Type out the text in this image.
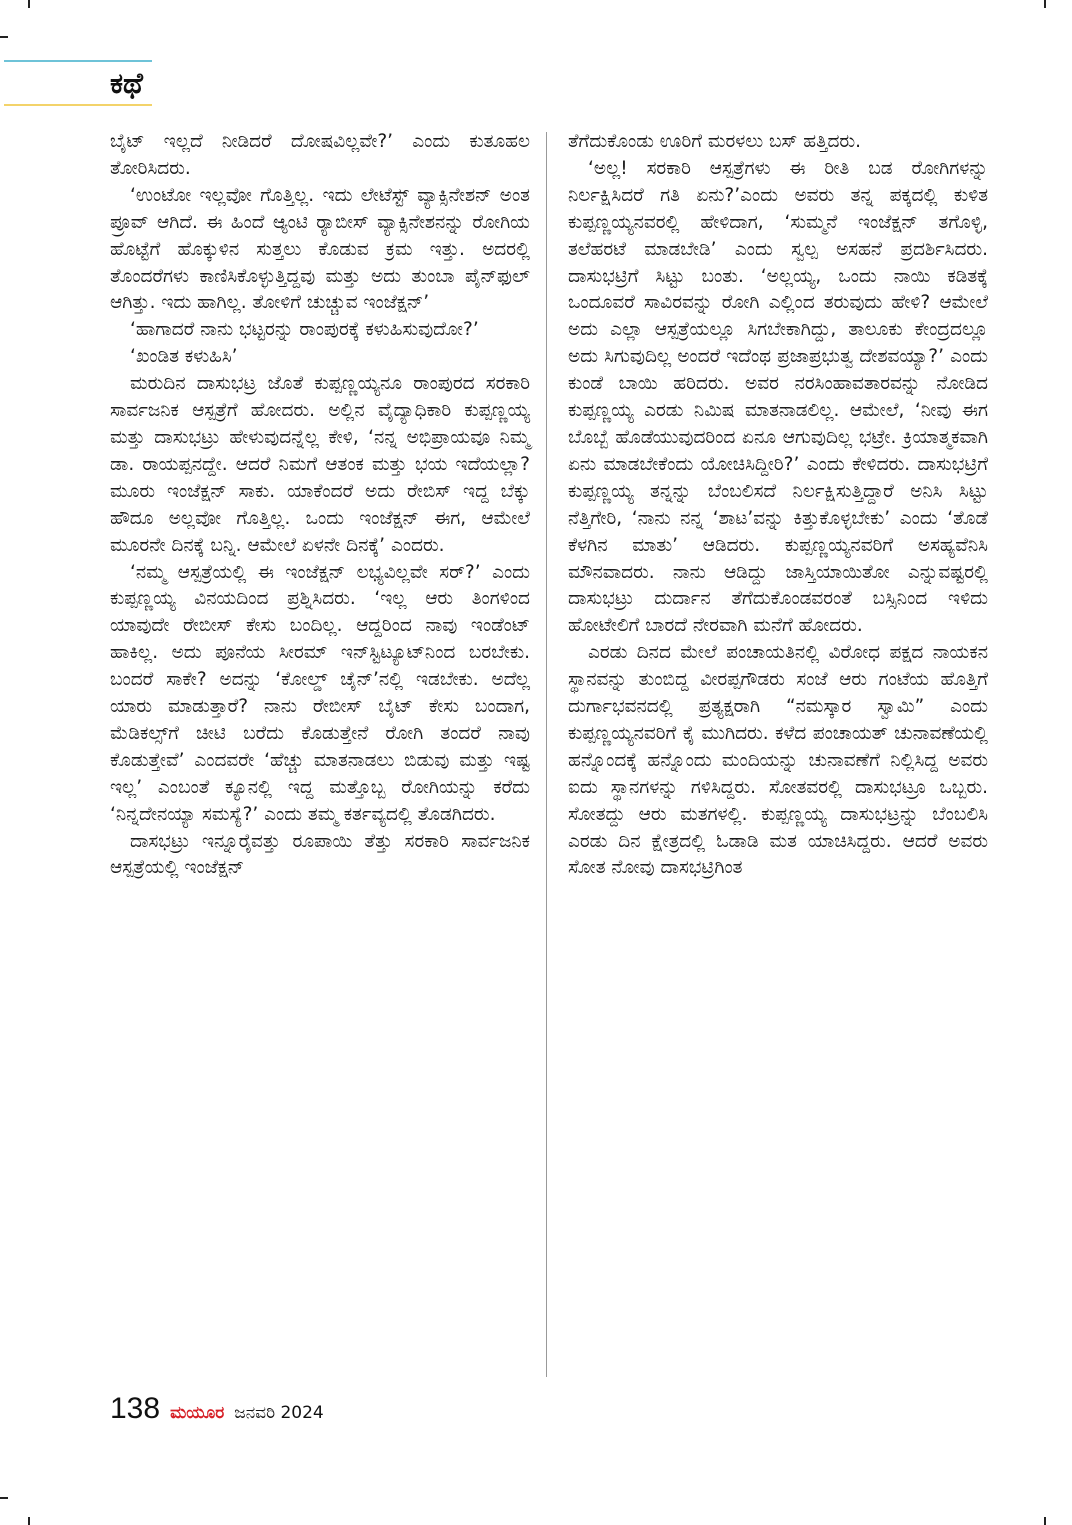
ಕಥೆ

ಬೈಟ್ ಇಲ್ಲದೆ ನೀಡಿದರೆ ದೋಷವಿಲ್ಲವೇ?’ ಎಂದು ಕುತೂಹಲ ತೋರಿಸಿದರು.

‘ಉಂಟೋ ಇಲ್ಲವೋ ಗೊತ್ತಿಲ್ಲ. ಇದು ಲೇಟೆಸ್ಟ್ ವ್ಯಾಕ್ಸಿನೇಶನ್ ಅಂತ ಪ್ರೂವ್ ಆಗಿದೆ. ಈ ಹಿಂದೆ ಆ್ಯಂಟಿ ರ್‍ಯಾಬೀಸ್ ವ್ಯಾಕ್ಸಿನೇಶನನ್ನು ರೋಗಿಯ ಹೊಟ್ಟೆಗೆ ಹೊಕ್ಕುಳಿನ ಸುತ್ತಲು ಕೊಡುವ ಕ್ರಮ ಇತ್ತು. ಅದರಲ್ಲಿ ತೊಂದರೆಗಳು ಕಾಣಿಸಿಕೊಳ್ಳುತ್ತಿದ್ದವು ಮತ್ತು ಅದು ತುಂಬಾ ಪೈನ್‌ಫುಲ್ ಆಗಿತ್ತು. ಇದು ಹಾಗಿಲ್ಲ. ತೋಳಿಗೆ ಚುಚ್ಚುವ ಇಂಜೆಕ್ಷನ್’

‘ಹಾಗಾದರೆ ನಾನು ಭಟ್ಟರನ್ನು ರಾಂಪುರಕ್ಕೆ ಕಳುಹಿಸುವುದೋ?’

‘ಖಂಡಿತ ಕಳುಹಿಸಿ’

ಮರುದಿನ ದಾಸುಭಟ್ರ ಜೊತೆ ಕುಪ್ಪಣ್ಣಯ್ಯನೂ ರಾಂಪುರದ ಸರಕಾರಿ ಸಾರ್ವಜನಿಕ ಆಸ್ಪತ್ರೆಗೆ ಹೋದರು. ಅಲ್ಲಿನ ವೈದ್ಯಾಧಿಕಾರಿ ಕುಪ್ಪಣ್ಣಯ್ಯ ಮತ್ತು ದಾಸುಭಟ್ರು ಹೇಳುವುದನ್ನೆಲ್ಲ ಕೇಳಿ, ‘ನನ್ನ ಅಭಿಪ್ರಾಯವೂ ನಿಮ್ಮ ಡಾ. ರಾಯಪ್ಪನದ್ದೇ. ಆದರೆ ನಿಮಗೆ ಆತಂಕ ಮತ್ತು ಭಯ ಇದೆಯಲ್ಲಾ? ಮೂರು ಇಂಜೆಕ್ಷನ್ ಸಾಕು. ಯಾಕೆಂದರೆ ಅದು ರೇಬಿಸ್ ಇದ್ದ ಬೆಕ್ಕು ಹೌದೂ ಅಲ್ಲವೋ ಗೊತ್ತಿಲ್ಲ. ಒಂದು ಇಂಜೆಕ್ಷನ್ ಈಗ, ಆಮೇಲೆ ಮೂರನೇ ದಿನಕ್ಕೆ ಬನ್ನಿ. ಆಮೇಲೆ ಏಳನೇ ದಿನಕ್ಕೆ’ ಎಂದರು.

‘ನಮ್ಮ ಆಸ್ಪತ್ರೆಯಲ್ಲಿ ಈ ಇಂಜೆಕ್ಷನ್ ಲಭ್ಯವಿಲ್ಲವೇ ಸರ್?’ ಎಂದು ಕುಪ್ಪಣ್ಣಯ್ಯ ವಿನಯದಿಂದ ಪ್ರಶ್ನಿಸಿದರು. ‘ಇಲ್ಲ ಆರು ತಿಂಗಳಿಂದ ಯಾವುದೇ ರೇಬೀಸ್ ಕೇಸು ಬಂದಿಲ್ಲ. ಆದ್ದರಿಂದ ನಾವು ಇಂಡೆಂಟ್ ಹಾಕಿಲ್ಲ. ಅದು ಪೂನೆಯ ಸೀರಮ್ ಇನ್‌ಸ್ಟಿಟ್ಯೂಟ್‌ನಿಂದ ಬರಬೇಕು. ಬಂದರೆ ಸಾಕೇ? ಅದನ್ನು ‘ಕೋಲ್ಡ್ ಚೈನ್’ನಲ್ಲಿ ಇಡಬೇಕು. ಅದೆಲ್ಲ ಯಾರು ಮಾಡುತ್ತಾರೆ? ನಾನು ರೇಬೀಸ್ ಬೈಟ್ ಕೇಸು ಬಂದಾಗ, ಮೆಡಿಕಲ್ಸ್‌ಗೆ ಚೀಟಿ ಬರೆದು ಕೊಡುತ್ತೇನೆ ರೋಗಿ ತಂದರೆ ನಾವು ಕೊಡುತ್ತೇವೆ’ ಎಂದವರೇ ‘ಹೆಚ್ಚು ಮಾತನಾಡಲು ಬಿಡುವು ಮತ್ತು ಇಷ್ಟ ಇಲ್ಲ’ ಎಂಬಂತೆ ಕ್ಯೂನಲ್ಲಿ ಇದ್ದ ಮತ್ತೊಬ್ಬ ರೋಗಿಯನ್ನು ಕರೆದು ‘ನಿನ್ನದೇನಯ್ಯಾ ಸಮಸ್ಯೆ?’ ಎಂದು ತಮ್ಮ ಕರ್ತವ್ಯದಲ್ಲಿ ತೊಡಗಿದರು.

ದಾಸಭಟ್ರು ಇನ್ನೂರೈವತ್ತು ರೂಪಾಯಿ ತೆತ್ತು ಸರಕಾರಿ ಸಾರ್ವಜನಿಕ ಆಸ್ಪತ್ರೆಯಲ್ಲಿ ಇಂಜೆಕ್ಷನ್

ತೆಗೆದುಕೊಂಡು ಊರಿಗೆ ಮರಳಲು ಬಸ್ ಹತ್ತಿದರು.

‘ಅಲ್ಲ! ಸರಕಾರಿ ಆಸ್ಪತ್ರೆಗಳು ಈ ರೀತಿ ಬಡ ರೋಗಿಗಳನ್ನು ನಿರ್ಲಕ್ಷಿಸಿದರೆ ಗತಿ ಏನು?’ಎಂದು ಅವರು ತನ್ನ ಪಕ್ಕದಲ್ಲಿ ಕುಳಿತ ಕುಪ್ಪಣ್ಣಯ್ಯನವರಲ್ಲಿ ಹೇಳಿದಾಗ, ‘ಸುಮ್ಮನೆ ಇಂಜೆಕ್ಷನ್ ತಗೊಳ್ಳಿ, ತಲೆಹರಟೆ ಮಾಡಬೇಡಿ’ ಎಂದು ಸ್ವಲ್ಪ ಅಸಹನೆ ಪ್ರದರ್ಶಿಸಿದರು. ದಾಸುಭಟ್ರಿಗೆ ಸಿಟ್ಟು ಬಂತು. ‘ಅಲ್ಲಯ್ಯ, ಒಂದು ನಾಯಿ ಕಡಿತಕ್ಕೆ ಒಂದೂವರೆ ಸಾವಿರವನ್ನು ರೋಗಿ ಎಲ್ಲಿಂದ ತರುವುದು ಹೇಳಿ? ಆಮೇಲೆ ಅದು ಎಲ್ಲಾ ಆಸ್ಪತ್ರೆಯಲ್ಲೂ ಸಿಗಬೇಕಾಗಿದ್ದು, ತಾಲೂಕು ಕೇಂದ್ರದಲ್ಲೂ ಅದು ಸಿಗುವುದಿಲ್ಲ ಅಂದರೆ ಇದೆಂಥ ಪ್ರಜಾಪ್ರಭುತ್ವ ದೇಶವಯ್ಯಾ?’ ಎಂದು ಕುಂಡೆ ಬಾಯಿ ಹರಿದರು. ಅವರ ನರಸಿಂಹಾವತಾರವನ್ನು ನೋಡಿದ ಕುಪ್ಪಣ್ಣಯ್ಯ ಎರಡು ನಿಮಿಷ ಮಾತನಾಡಲಿಲ್ಲ. ಆಮೇಲೆ, ‘ನೀವು ಈಗ ಬೊಬ್ಬೆ ಹೊಡೆಯುವುದರಿಂದ ಏನೂ ಆಗುವುದಿಲ್ಲ ಭಟ್ರೇ. ಕ್ರಿಯಾತ್ಮಕವಾಗಿ ಏನು ಮಾಡಬೇಕೆಂದು ಯೋಚಿಸಿದ್ದೀರಿ?’ ಎಂದು ಕೇಳಿದರು. ದಾಸುಭಟ್ರಿಗೆ ಕುಪ್ಪಣ್ಣಯ್ಯ ತನ್ನನ್ನು ಬೆಂಬಲಿಸದೆ ನಿರ್ಲಕ್ಷಿಸುತ್ತಿದ್ದಾರೆ ಅನಿಸಿ ಸಿಟ್ಟು ನೆತ್ತಿಗೇರಿ, ‘ನಾನು ನನ್ನ ‘ಶಾಟ’ವನ್ನು ಕಿತ್ತುಕೊಳ್ಳಬೇಕು’ ಎಂದು ‘ತೊಡೆ ಕೆಳಗಿನ ಮಾತು’ ಆಡಿದರು. ಕುಪ್ಪಣ್ಣಯ್ಯನವರಿಗೆ ಅಸಹ್ಯವೆನಿಸಿ ಮೌನವಾದರು. ನಾನು ಆಡಿದ್ದು ಜಾಸ್ತಿಯಾಯಿತೋ ಎನ್ನುವಷ್ಟರಲ್ಲಿ ದಾಸುಭಟ್ರು ದುರ್ದಾನ ತೆಗೆದುಕೊಂಡವರಂತೆ ಬಸ್ಸಿನಿಂದ ಇಳಿದು ಹೋಟೇಲಿಗೆ ಬಾರದೆ ನೇರವಾಗಿ ಮನೆಗೆ ಹೋದರು.

ಎರಡು ದಿನದ ಮೇಲೆ ಪಂಚಾಯತಿನಲ್ಲಿ ವಿರೋಧ ಪಕ್ಷದ ನಾಯಕನ ಸ್ಥಾನವನ್ನು ತುಂಬಿದ್ದ ವೀರಪ್ಪಗೌಡರು ಸಂಜೆ ಆರು ಗಂಟೆಯ ಹೊತ್ತಿಗೆ ದುರ್ಗಾಭವನದಲ್ಲಿ ಪ್ರತ್ಯಕ್ಷರಾಗಿ “ನಮಸ್ಕಾರ ಸ್ವಾಮಿ” ಎಂದು ಕುಪ್ಪಣ್ಣಯ್ಯನವರಿಗೆ ಕೈ ಮುಗಿದರು. ಕಳೆದ ಪಂಚಾಯತ್ ಚುನಾವಣೆಯಲ್ಲಿ ಹನ್ನೊಂದಕ್ಕೆ ಹನ್ನೊಂದು ಮಂದಿಯನ್ನು ಚುನಾವಣೆಗೆ ನಿಲ್ಲಿಸಿದ್ದ ಅವರು ಐದು ಸ್ಥಾನಗಳನ್ನು ಗಳಿಸಿದ್ದರು. ಸೋತವರಲ್ಲಿ ದಾಸುಭಟ್ರೂ ಒಬ್ಬರು. ಸೋತದ್ದು ಆರು ಮತಗಳಲ್ಲಿ. ಕುಪ್ಪಣ್ಣಯ್ಯ ದಾಸುಭಟ್ರನ್ನು ಬೆಂಬಲಿಸಿ ಎರಡು ದಿನ ಕ್ಷೇತ್ರದಲ್ಲಿ ಓಡಾಡಿ ಮತ ಯಾಚಿಸಿದ್ದರು. ಆದರೆ ಅವರು ಸೋತ ನೋವು ದಾಸಭಟ್ರಿಗಿಂತ

138 ಮಯೂರ ಜನವರಿ 2024
